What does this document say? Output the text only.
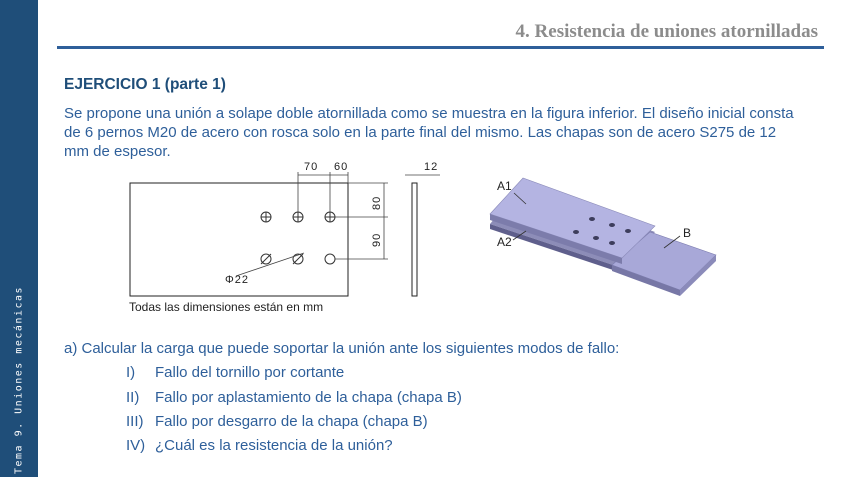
Tema 9. Uniones mecánicas
4. Resistencia de uniones atornilladas
EJERCICIO 1 (parte 1)

Se propone una unión a solape doble atornillada como se muestra en la figura inferior. El diseño inicial consta de 6 pernos M20 de acero con rosca solo en la parte final del mismo. Las chapas son de acero S275 de 12 mm de espesor.

70 60	12
80
90
Φ22
Todas las dimensiones están en mm
A1
A2
B
a) Calcular la carga que puede soportar la unión ante los siguientes modos de fallo:
I) Fallo del tornillo por cortante
II) Fallo por aplastamiento de la chapa (chapa B)
III) Fallo por desgarro de la chapa (chapa B)
IV) ¿Cuál es la resistencia de la unión?
